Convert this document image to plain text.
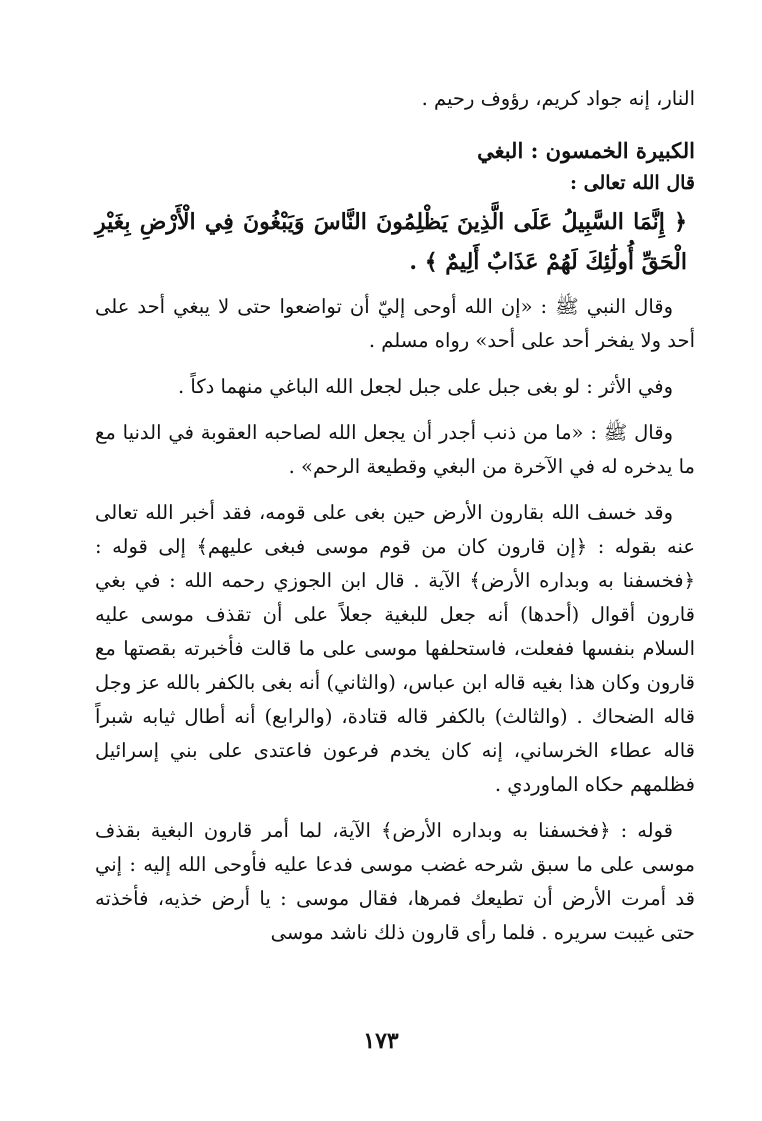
النار، إنه جواد كريم، رؤوف رحيم .

الكبيرة الخمسون : البغي

قال الله تعالى :

﴿ إِنَّمَا السَّبِيلُ عَلَى الَّذِينَ يَظْلِمُونَ النَّاسَ وَيَبْغُونَ فِي الْأَرْضِ بِغَيْرِ الْحَقِّ أُولَٰئِكَ لَهُمْ عَذَابٌ أَلِيمٌ ﴾ .

وقال النبي ﷺ : «إن الله أوحى إليّ أن تواضعوا حتى لا يبغي أحد على أحد ولا يفخر أحد على أحد» رواه مسلم .

وفي الأثر : لو بغى جبل على جبل لجعل الله الباغي منهما دكاً .

وقال ﷺ : «ما من ذنب أجدر أن يجعل الله لصاحبه العقوبة في الدنيا مع ما يدخره له في الآخرة من البغي وقطيعة الرحم» .

وقد خسف الله بقارون الأرض حين بغى على قومه، فقد أخبر الله تعالى عنه بقوله : ﴿إن قارون كان من قوم موسى فبغى عليهم﴾ إلى قوله : ﴿فخسفنا به وبداره الأرض﴾ الآية . قال ابن الجوزي رحمه الله : في بغي قارون أقوال (أحدها) أنه جعل للبغية جعلاً على أن تقذف موسى عليه السلام بنفسها ففعلت، فاستحلفها موسى على ما قالت فأخبرته بقصتها مع قارون وكان هذا بغيه قاله ابن عباس، (والثاني) أنه بغى بالكفر بالله عز وجل قاله الضحاك . (والثالث) بالكفر قاله قتادة، (والرابع) أنه أطال ثيابه شبراً قاله عطاء الخرساني، إنه كان يخدم فرعون فاعتدى على بني إسرائيل فظلمهم حكاه الماوردي .

قوله : ﴿فخسفنا به وبداره الأرض﴾ الآية، لما أمر قارون البغية بقذف موسى على ما سبق شرحه غضب موسى فدعا عليه فأوحى الله إليه : إني قد أمرت الأرض أن تطيعك فمرها، فقال موسى : يا أرض خذيه، فأخذته حتى غيبت سريره . فلما رأى قارون ذلك ناشد موسى

١٧٣
